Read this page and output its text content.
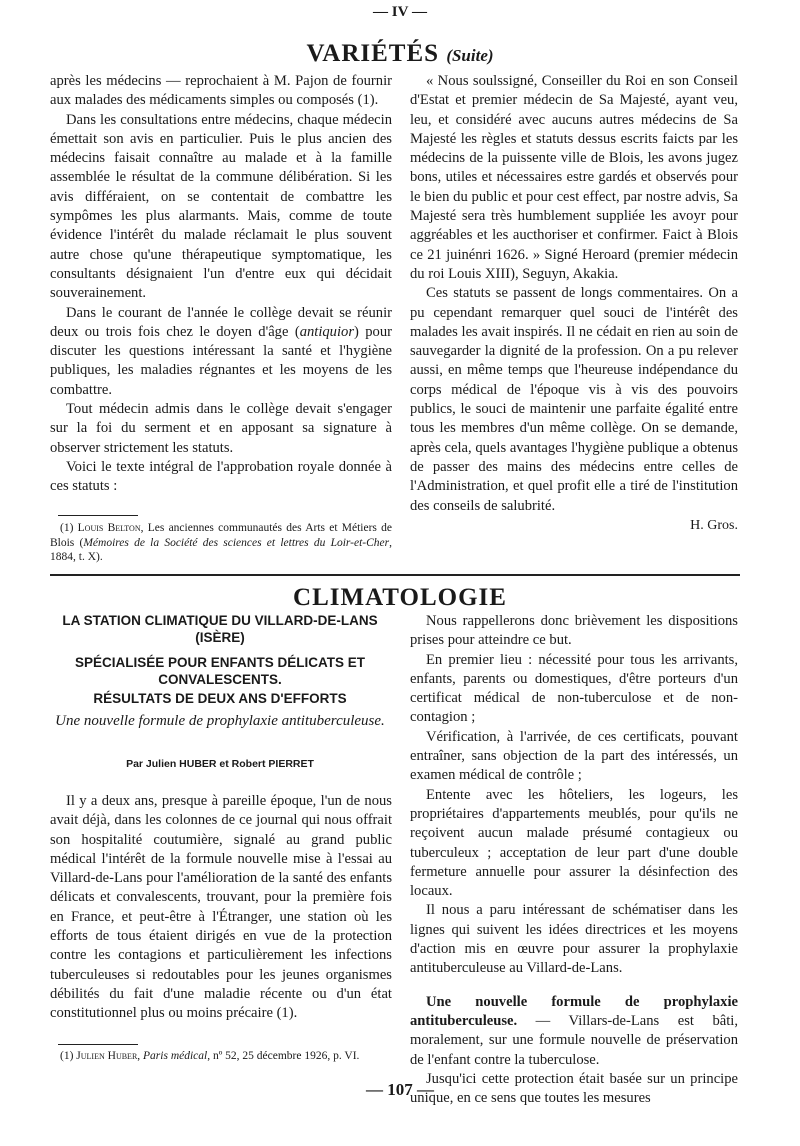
— IV —
VARIÉTÉS (Suite)

après les médecins — reprochaient à M. Pajon de fournir aux malades des médicaments simples ou composés (1).

Dans les consultations entre médecins, chaque médecin émettait son avis en particulier. Puis le plus ancien des médecins faisait connaître au malade et à la famille assemblée le résultat de la commune délibération. Si les avis différaient, on se contentait de combattre les sympômes les plus alarmants. Mais, comme de toute évidence l'intérêt du malade réclamait le plus souvent autre chose qu'une thérapeutique symptomatique, les consultants désignaient l'un d'entre eux qui décidait souverainement.

Dans le courant de l'année le collège devait se réunir deux ou trois fois chez le doyen d'âge (antiquior) pour discuter les questions intéressant la santé et l'hygiène publiques, les maladies régnantes et les moyens de les combattre.

Tout médecin admis dans le collège devait s'engager sur la foi du serment et en apposant sa signature à observer strictement les statuts.

Voici le texte intégral de l'approbation royale donnée à ces statuts :

(1) Louis Belton, Les anciennes communautés des Arts et Métiers de Blois (Mémoires de la Société des sciences et lettres du Loir-et-Cher, 1884, t. X).

« Nous soulssigné, Conseiller du Roi en son Conseil d'Estat et premier médecin de Sa Majesté, ayant veu, leu, et considéré avec aucuns autres médecins de Sa Majesté les règles et statuts dessus escrits faicts par les médecins de la puissente ville de Blois, les avons jugez bons, utiles et nécessaires estre gardés et observés pour le bien du public et pour cest effect, par nostre advis, Sa Majesté sera très humblement suppliée les avoyr pour aggréables et les aucthoriser et confirmer. Faict à Blois ce 21 juinénri 1626. » Signé Heroard (premier médecin du roi Louis XIII), Seguyn, Akakia.

Ces statuts se passent de longs commentaires. On a pu cependant remarquer quel souci de l'intérêt des malades les avait inspirés. Il ne cédait en rien au soin de sauvegarder la dignité de la profession. On a pu relever aussi, en même temps que l'heureuse indépendance du corps médical de l'époque vis à vis des pouvoirs publics, le souci de maintenir une parfaite égalité entre tous les membres d'un même collège. On se demande, après cela, quels avantages l'hygiène publique a obtenus de passer des mains des médecins entre celles de l'Administration, et quel profit elle a tiré de l'institution des conseils de salubrité.

H. Gros.
CLIMATOLOGIE
LA STATION CLIMATIQUE DU VILLARD-DE-LANS (ISÈRE)
SPÉCIALISÉE POUR ENFANTS DÉLICATS ET CONVALESCENTS.
RÉSULTATS DE DEUX ANS D'EFFORTS
Une nouvelle formule de prophylaxie antituberculeuse.
Par Julien HUBER et Robert PIERRET

Il y a deux ans, presque à pareille époque, l'un de nous avait déjà, dans les colonnes de ce journal qui nous offrait son hospitalité coutumière, signalé au grand public médical l'intérêt de la formule nouvelle mise à l'essai au Villard-de-Lans pour l'amélioration de la santé des enfants délicats et convalescents, trouvant, pour la première fois en France, et peut-être à l'Étranger, une station où les efforts de tous étaient dirigés en vue de la protection contre les contagions et particulièrement les infections tuberculeuses si redoutables pour les jeunes organismes débilités du fait d'une maladie récente ou d'un état constitutionnel plus ou moins précaire (1).

(1) Julien Huber, Paris médical, nº 52, 25 décembre 1926, p. VI.

Nous rappellerons donc brièvement les dispositions prises pour atteindre ce but.

En premier lieu : nécessité pour tous les arrivants, enfants, parents ou domestiques, d'être porteurs d'un certificat médical de non-tuberculose et de non-contagion ;

Vérification, à l'arrivée, de ces certificats, pouvant entraîner, sans objection de la part des intéressés, un examen médical de contrôle ;

Entente avec les hôteliers, les logeurs, les propriétaires d'appartements meublés, pour qu'ils ne reçoivent aucun malade présumé contagieux ou tuberculeux ; acceptation de leur part d'une double fermeture annuelle pour assurer la désinfection des locaux.

Il nous a paru intéressant de schématiser dans les lignes qui suivent les idées directrices et les moyens d'action mis en œuvre pour assurer la prophylaxie antituberculeuse au Villard-de-Lans.

Une nouvelle formule de prophylaxie antituberculeuse. — Villars-de-Lans est bâti, moralement, sur une formule nouvelle de préservation de l'enfant contre la tuberculose.

Jusqu'ici cette protection était basée sur un principe unique, en ce sens que toutes les mesures

— 107 —
